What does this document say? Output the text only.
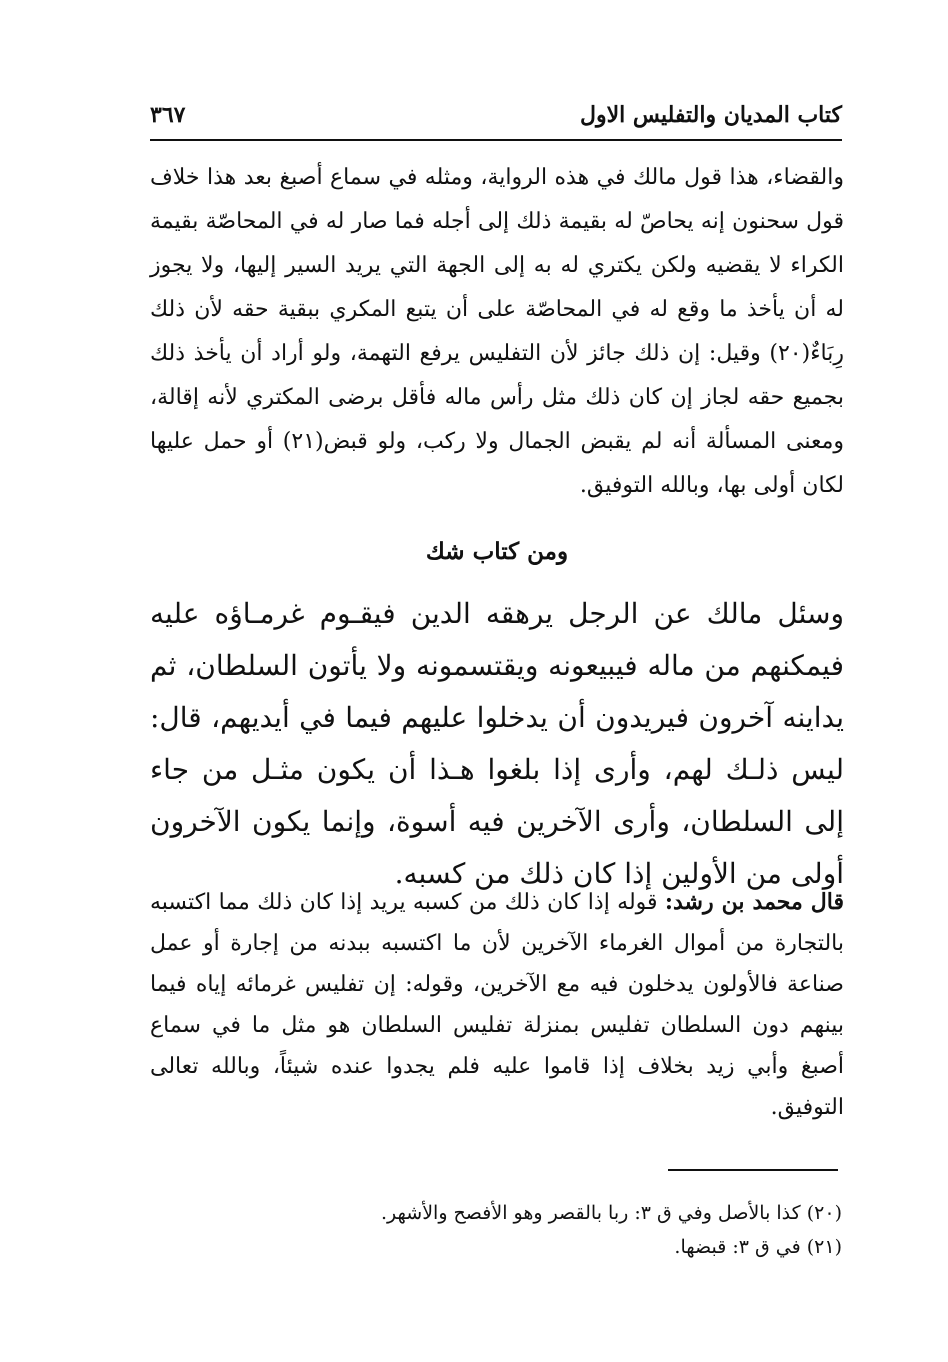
كتاب المديان والتفليس الاول
٣٦٧
والقضاء، هذا قول مالك في هذه الرواية، ومثله في سماع أصبغ بعد هذا خلاف قول سحنون إنه يحاصّ له بقيمة ذلك إلى أجله فما صار له في المحاصّة بقيمة الكراء لا يقضيه ولكن يكتري له به إلى الجهة التي يريد السير إليها، ولا يجوز له أن يأخذ ما وقع له في المحاصّة على أن يتبع المكري ببقية حقه لأن ذلك رِبَاءٌ(٢٠) وقيل: إن ذلك جائز لأن التفليس يرفع التهمة، ولو أراد أن يأخذ ذلك بجميع حقه لجاز إن كان ذلك مثل رأس ماله فأقل برضى المكتري لأنه إقالة، ومعنى المسألة أنه لم يقبض الجمال ولا ركب، ولو قبض(٢١) أو حمل عليها لكان أولى بها، وبالله التوفيق.
ومن كتاب شك
وسئل مالك عن الرجل يرهقه الدين فيقـوم غرمـاؤه عليه فيمكنهم من ماله فيبيعونه ويقتسمونه ولا يأتون السلطان، ثم يداينه آخرون فيريدون أن يدخلوا عليهم فيما في أيديهم، قال: ليس ذلـك لهم، وأرى إذا بلغوا هـذا أن يكون مثـل من جاء إلى السلطان، وأرى الآخرين فيه أسوة، وإنما يكون الآخرون أولى من الأولين إذا كان ذلك من كسبه.
قال محمد بن رشد: قوله إذا كان ذلك من كسبه يريد إذا كان ذلك مما اكتسبه بالتجارة من أموال الغرماء الآخرين لأن ما اكتسبه ببدنه من إجارة أو عمل صناعة فالأولون يدخلون فيه مع الآخرين، وقوله: إن تفليس غرمائه إياه فيما بينهم دون السلطان تفليس بمنزلة تفليس السلطان هو مثل ما في سماع أصبغ وأبي زيد بخلاف إذا قاموا عليه فلم يجدوا عنده شيئاً، وبالله تعالى التوفيق.
(٢٠) كذا بالأصل وفي ق ٣: ربا بالقصر وهو الأفصح والأشهر.
(٢١) في ق ٣: قبضها.
